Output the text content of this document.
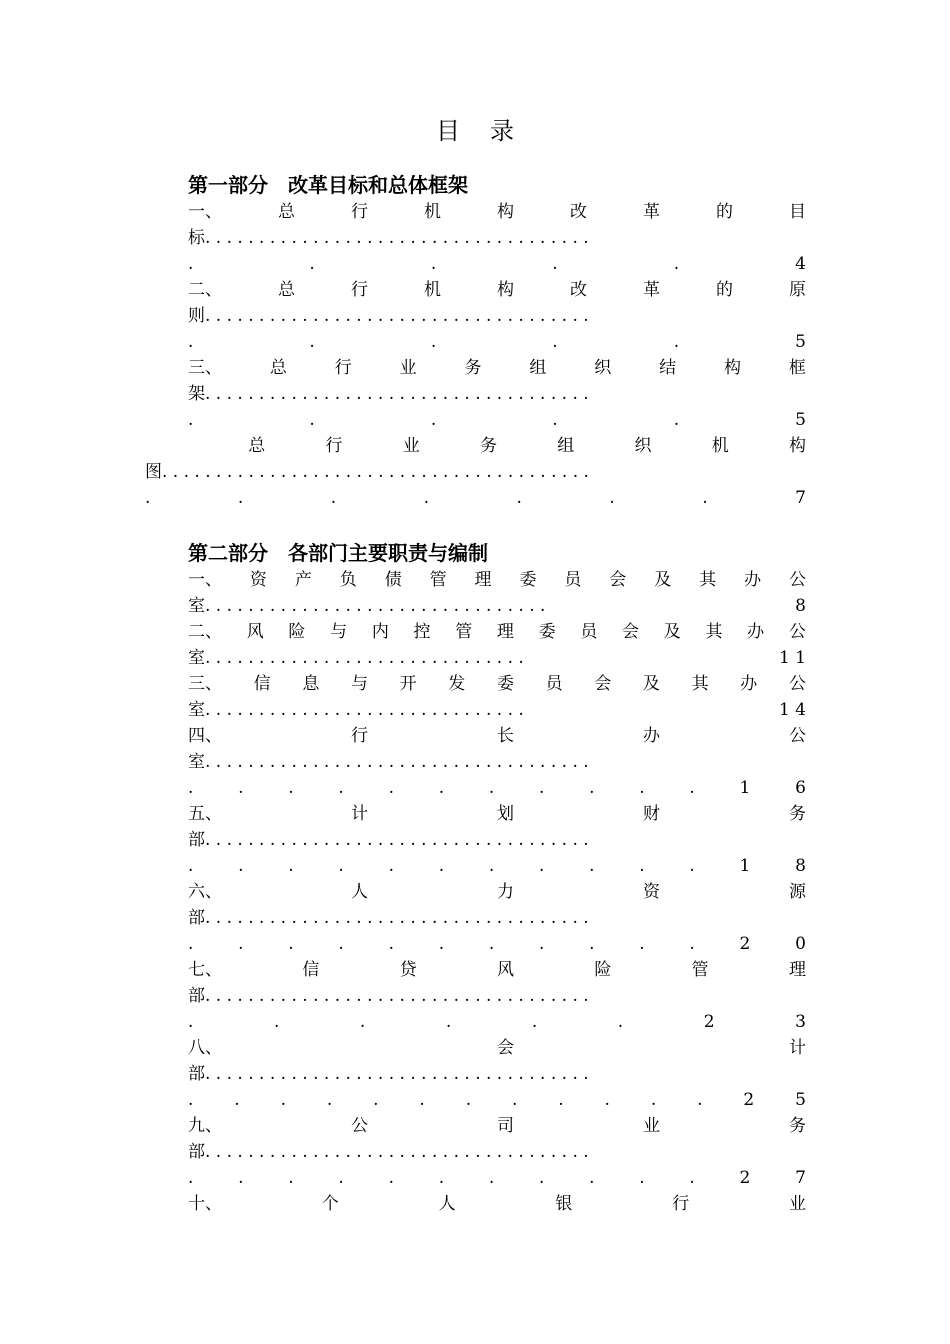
目录
第一部分　改革目标和总体框架
一、	总	行	机	构	改	革	的	目
标. . . . . . . . . . . . . . . . . . . . . . . . . . . . . . . . . . . .
.	.	.	.	.	4
二、	总	行	机	构	改	革	的	原
则. . . . . . . . . . . . . . . . . . . . . . . . . . . . . . . . . . . .
.	.	.	.	.	5
三、	总	行	业	务	组	织	结	构	框
架. . . . . . . . . . . . . . . . . . . . . . . . . . . . . . . . . . . .
.	.	.	.	.	5
总	行	业	务	组	织	机	构
图. . . . . . . . . . . . . . . . . . . . . . . . . . . . . . . . . . . . . . . .
.	.	.	.	.	.	.	7
第二部分　各部门主要职责与编制
一、 资 产 负 债 管 理 委 员 会 及 其 办 公
室. . . . . . . . . . . . . . . . . . . . . . . . . . . . . . . .	8
二、 风 险 与 内 控 管 理 委 员 会 及 其 办 公
室. . . . . . . . . . . . . . . . . . . . . . . . . . . . . .	1 1
三、 信 息 与 开 发 委 员 会 及 其 办 公
室. . . . . . . . . . . . . . . . . . . . . . . . . . . . . .	1 4
四、	行	长	办	公
室. . . . . . . . . . . . . . . . . . . . . . . . . . . . . . . . . . . .
.	.	.	.	.	.	.	.	.	.	.	1	6
五、	计	划	财	务
部. . . . . . . . . . . . . . . . . . . . . . . . . . . . . . . . . . . .
.	.	.	.	.	.	.	.	.	.	.	1	8
六、	人	力	资	源
部. . . . . . . . . . . . . . . . . . . . . . . . . . . . . . . . . . . .
.	.	.	.	.	.	.	.	.	.	.	2	0
七、	信	贷	风	险	管	理
部. . . . . . . . . . . . . . . . . . . . . . . . . . . . . . . . . . . .
.	.	.	.	.	.	2	3
八、	会	计
部. . . . . . . . . . . . . . . . . . . . . . . . . . . . . . . . . . . .
. . . . . . . . . . . . 2 5
九、	公	司	业	务
部. . . . . . . . . . . . . . . . . . . . . . . . . . . . . . . . . . . .
.	.	.	.	.	.	.	.	.	.	.	2	7
十、	个	人	银	行	业
